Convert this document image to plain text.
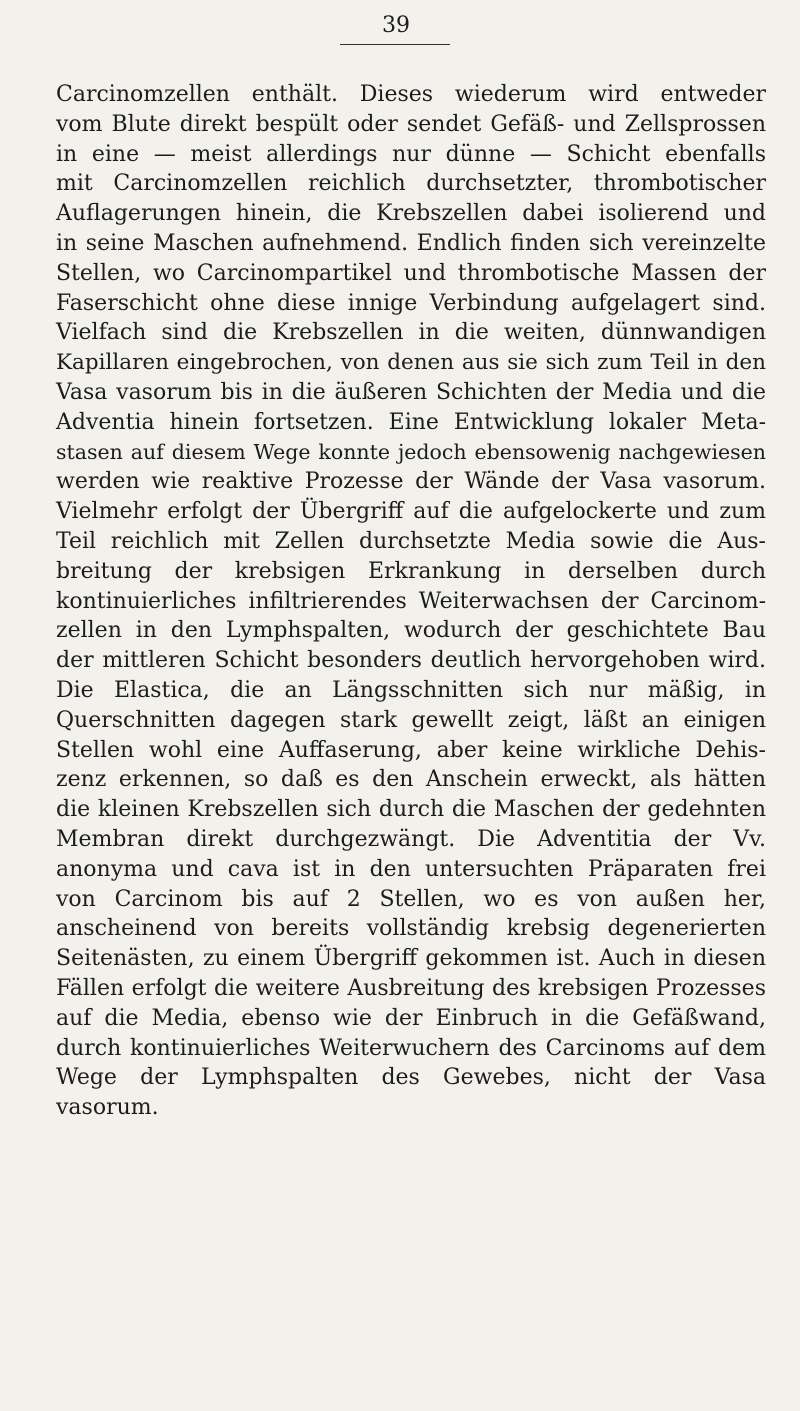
39
Carcinomzellen enthält. Dieses wiederum wird entweder
vom Blute direkt bespült oder sendet Gefäß- und Zellsprossen
in eine — meist allerdings nur dünne — Schicht ebenfalls
mit Carcinomzellen reichlich durchsetzter, thrombotischer
Auflagerungen hinein, die Krebszellen dabei isolierend und
in seine Maschen aufnehmend. Endlich finden sich vereinzelte
Stellen, wo Carcinompartikel und thrombotische Massen der
Faserschicht ohne diese innige Verbindung aufgelagert sind.
Vielfach sind die Krebszellen in die weiten, dünnwandigen
Kapillaren eingebrochen, von denen aus sie sich zum Teil in den
Vasa vasorum bis in die äußeren Schichten der Media und die
Adventia hinein fortsetzen. Eine Entwicklung lokaler Meta-
stasen auf diesem Wege konnte jedoch ebensowenig nachgewiesen
werden wie reaktive Prozesse der Wände der Vasa vasorum.
Vielmehr erfolgt der Übergriff auf die aufgelockerte und zum
Teil reichlich mit Zellen durchsetzte Media sowie die Aus-
breitung der krebsigen Erkrankung in derselben durch
kontinuierliches infiltrierendes Weiterwachsen der Carcinom-
zellen in den Lymphspalten, wodurch der geschichtete Bau
der mittleren Schicht besonders deutlich hervorgehoben wird.
Die Elastica, die an Längsschnitten sich nur mäßig, in
Querschnitten dagegen stark gewellt zeigt, läßt an einigen
Stellen wohl eine Auffaserung, aber keine wirkliche Dehis-
zenz erkennen, so daß es den Anschein erweckt, als hätten
die kleinen Krebszellen sich durch die Maschen der gedehnten
Membran direkt durchgezwängt. Die Adventitia der Vv.
anonyma und cava ist in den untersuchten Präparaten frei
von Carcinom bis auf 2 Stellen, wo es von außen her,
anscheinend von bereits vollständig krebsig degenerierten
Seitenästen, zu einem Übergriff gekommen ist. Auch in diesen
Fällen erfolgt die weitere Ausbreitung des krebsigen Prozesses
auf die Media, ebenso wie der Einbruch in die Gefäßwand,
durch kontinuierliches Weiterwuchern des Carcinoms auf dem
Wege der Lymphspalten des Gewebes, nicht der Vasa
vasorum.
